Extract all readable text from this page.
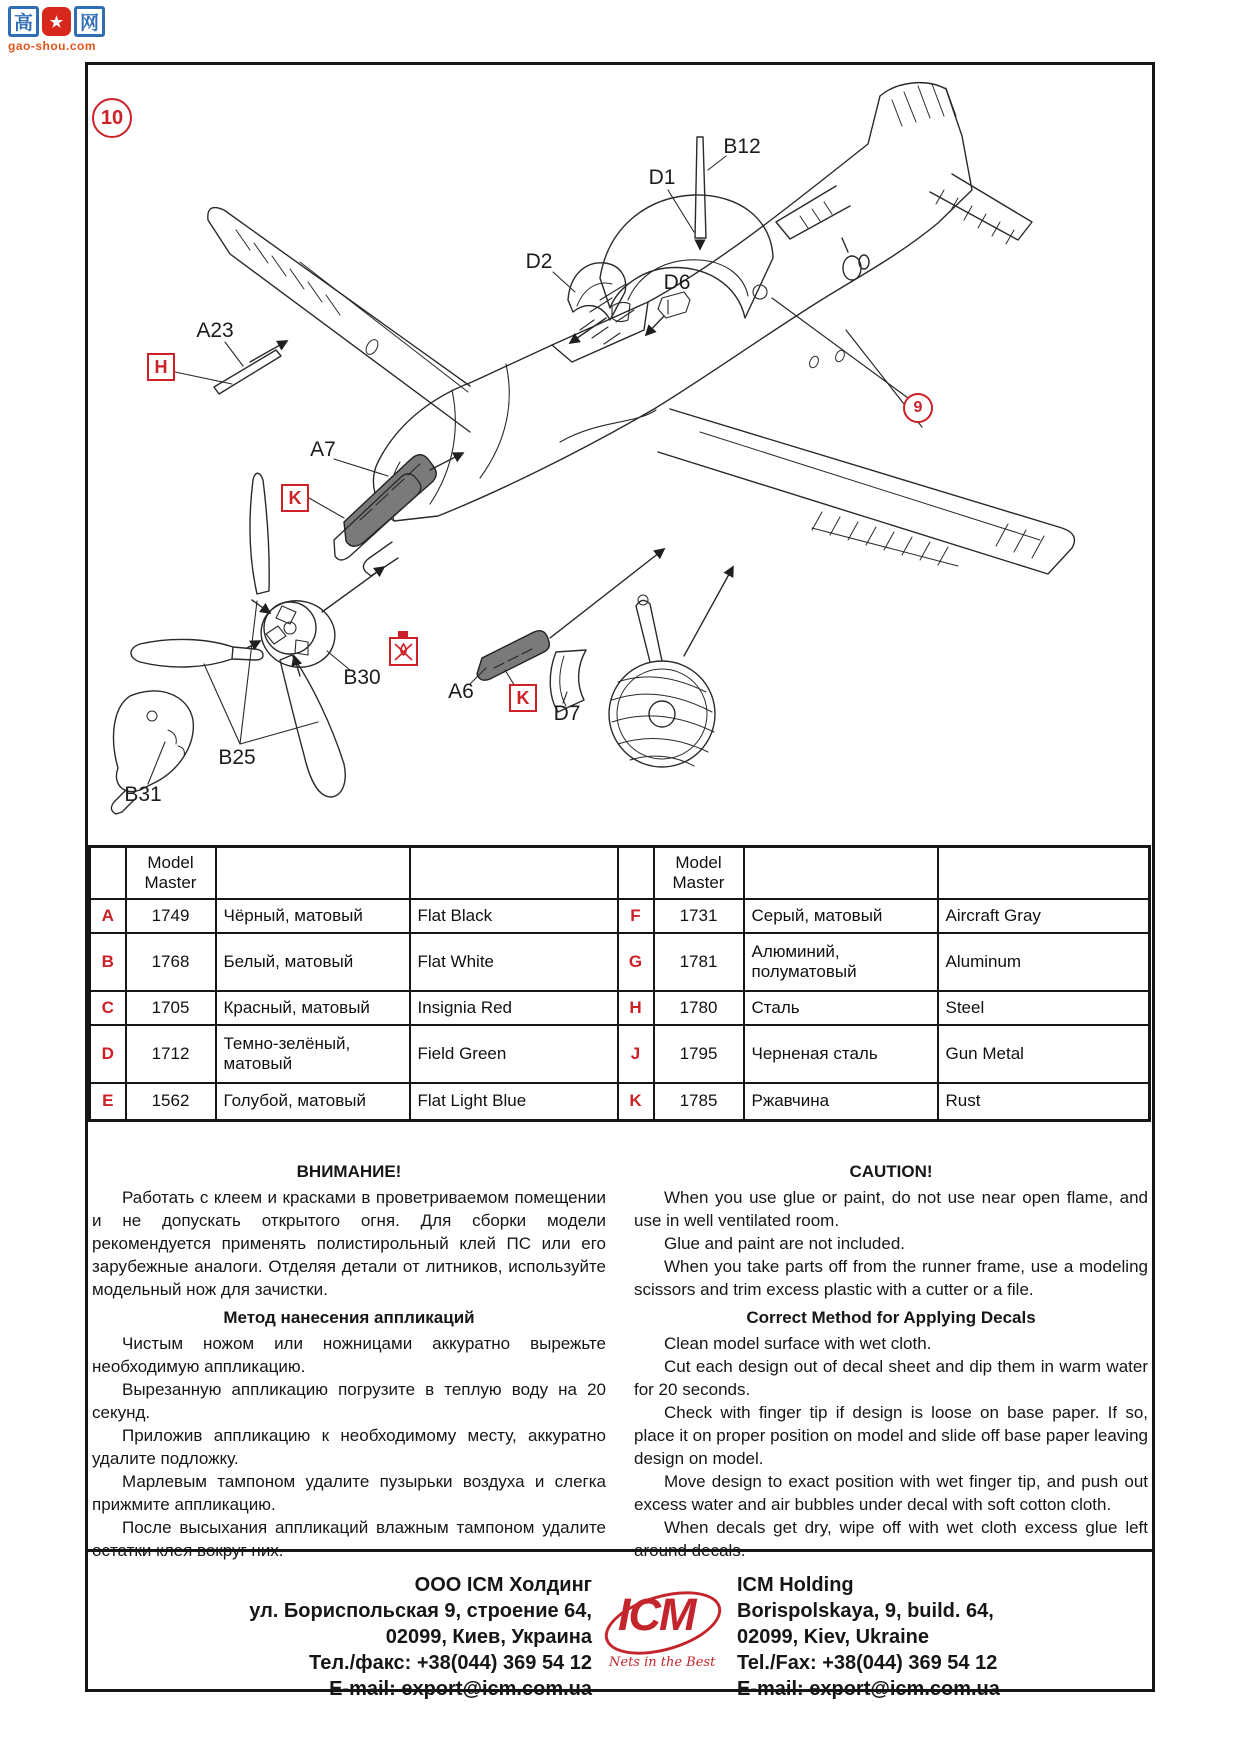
高	★ 网
gao-shou.com
10
9
D1
D2
D6
B12
A23
A7
B30
B25
B31
A6
D7
H
K
K
	Model Master				Model Master		
A	1749	Чёрный, матовый	Flat Black	F	1731	Серый, матовый	Aircraft Gray
B	1768	Белый, матовый	Flat White	G	1781	Алюминий, полуматовый	Aluminum
C	1705	Красный, матовый	Insignia Red	H	1780	Сталь	Steel
D	1712	Темно-зелёный, матовый	Field Green	J	1795	Черненая сталь	Gun Metal
E	1562	Голубой, матовый	Flat Light Blue	K	1785	Ржавчина	Rust
ВНИМАНИЕ!

Работать с клеем и красками в проветриваемом помещении и не допускать открытого огня. Для сборки модели рекомендуется применять полистирольный клей ПС или его зарубежные аналоги. Отделяя детали от литников, используйте модельный нож для зачистки.

Метод нанесения аппликаций

Чистым ножом или ножницами аккуратно вырежьте необходимую аппликацию.

Вырезанную аппликацию погрузите в теплую воду на 20 секунд.

Приложив аппликацию к необходимому месту, аккуратно удалите подложку.

Марлевым тампоном удалите пузырьки воздуха и слегка прижмите аппликацию.

После высыхания аппликаций влажным тампоном удалите остатки клея вокруг них.

CAUTION!

When you use glue or paint, do not use near open flame, and use in well ventilated room.

Glue and paint are not included.

When you take parts off from the runner frame, use a modeling scissors and trim excess plastic with a cutter or a file.

Correct Method for Applying Decals

Clean model surface with wet cloth.

Cut each design out of decal sheet and dip them in warm water for 20 seconds.

Check with finger tip if design is loose on base paper. If so, place it on proper position on model and slide off base paper leaving design on model.

Move design to exact position with wet finger tip, and push out excess water and air bubbles under decal with soft cotton cloth.

When decals get dry, wipe off with wet cloth excess glue left around decals.

ООО ICM Холдинг
ул. Бориспольская 9, строение 64,
02099, Киев, Украина
Тел./факс: +38(044) 369 54 12
E-mail: export@icm.com.ua
ICM
Nets in the Best
ICM Holding
Borispolskaya, 9, build. 64,
02099, Kiev, Ukraine
Tel./Fax: +38(044) 369 54 12
E-mail: export@icm.com.ua
